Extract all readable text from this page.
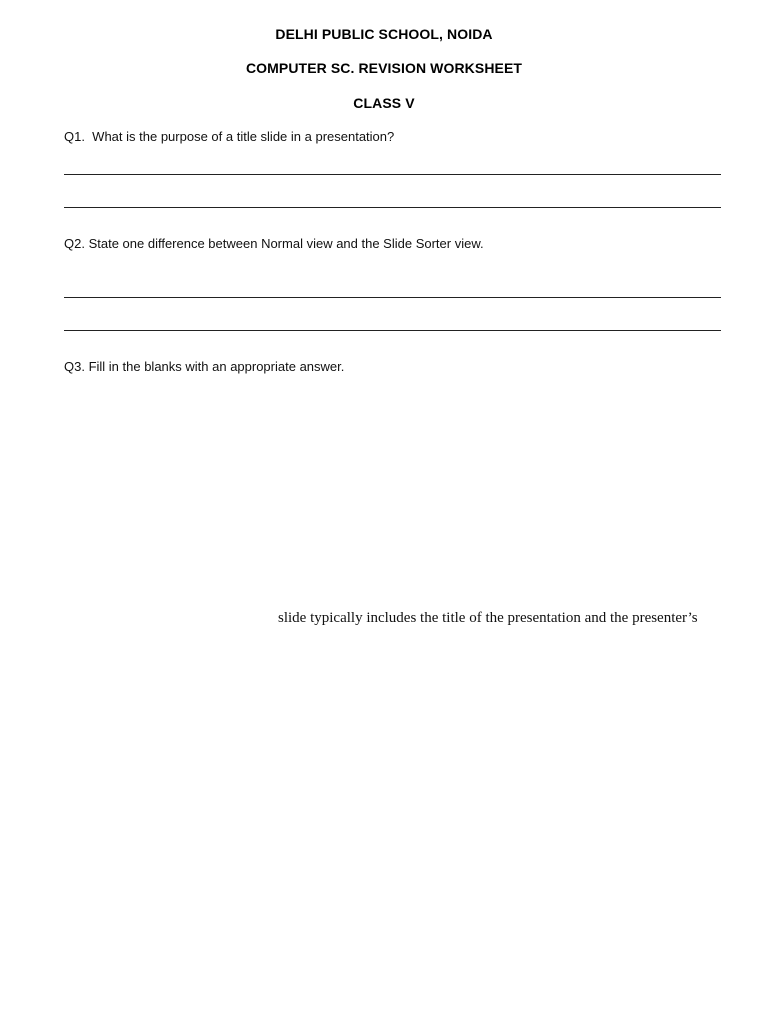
DELHI PUBLIC SCHOOL, NOIDA
COMPUTER SC. REVISION WORKSHEET
CLASS V
Q1.  What is the purpose of a title slide in a presentation?
Q2. State one difference between Normal view and the Slide Sorter view.
Q3. Fill in the blanks with an appropriate answer.
slide typically includes the title of the presentation and the presenter’s
